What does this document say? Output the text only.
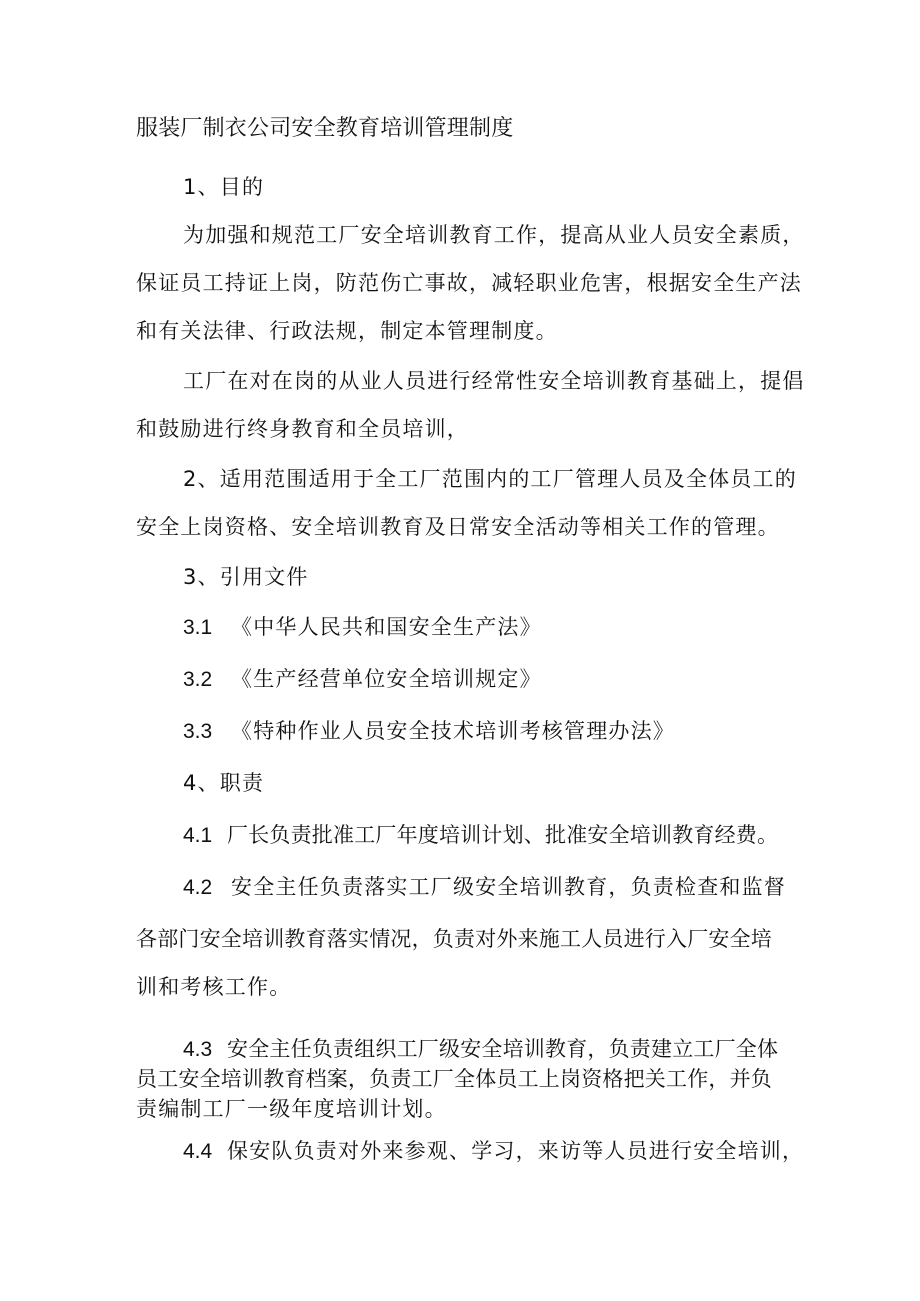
服装厂制衣公司安全教育培训管理制度
1、目的
为加强和规范工厂安全培训教育工作，提高从业人员安全素质，
保证员工持证上岗，防范伤亡事故，减轻职业危害，根据安全生产法
和有关法律、行政法规，制定本管理制度。
工厂在对在岗的从业人员进行经常性安全培训教育基础上，提倡
和鼓励进行终身教育和全员培训，
2、适用范围适用于全工厂范围内的工厂管理人员及全体员工的
安全上岗资格、安全培训教育及日常安全活动等相关工作的管理。
3、引用文件
3.1 《中华人民共和国安全生产法》
3.2 《生产经营单位安全培训规定》
3.3 《特种作业人员安全技术培训考核管理办法》
4、职责
4.1 厂长负责批准工厂年度培训计划、批准安全培训教育经费。
4.2 安全主任负责落实工厂级安全培训教育，负责检查和监督
各部门安全培训教育落实情况，负责对外来施工人员进行入厂安全培
训和考核工作。
4.3 安全主任负责组织工厂级安全培训教育，负责建立工厂全体
员工安全培训教育档案，负责工厂全体员工上岗资格把关工作，并负
责编制工厂一级年度培训计划。
4.4 保安队负责对外来参观、学习，来访等人员进行安全培训，
